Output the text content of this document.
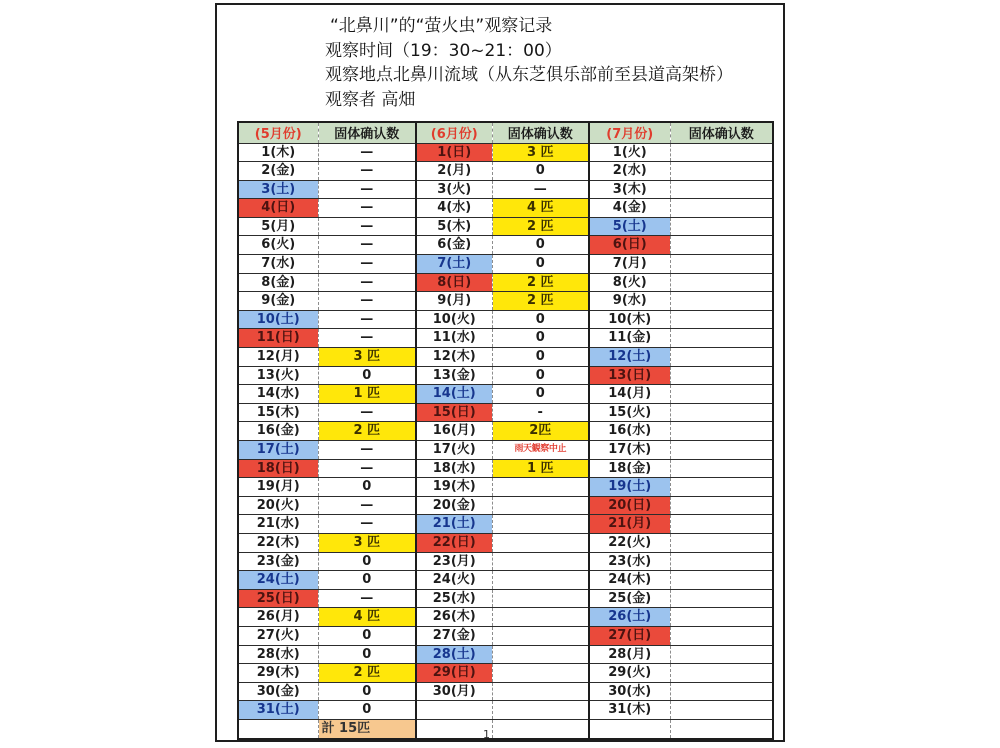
“北鼻川”的“萤火虫”观察记录
观察时间（19：30~21：00）
观察地点北鼻川流域（从东芝俱乐部前至县道高架桥）
观察者 高畑
(5月份)	固体确认数	(6月份)	固体确认数	(7月份)	固体确认数
1(木)	—	1(日)	3 匹	1(火)	
2(金)	—	2(月)	0	2(水)	
3(土)	—	3(火)	—	3(木)	
4(日)	—	4(水)	4 匹	4(金)	
5(月)	—	5(木)	2 匹	5(土)	
6(火)	—	6(金)	0	6(日)	
7(水)	—	7(土)	0	7(月)	
8(金)	—	8(日)	2 匹	8(火)	
9(金)	—	9(月)	2 匹	9(水)	
10(土)	—	10(火)	0	10(木)	
11(日)	—	11(水)	0	11(金)	
12(月)	3 匹	12(木)	0	12(土)	
13(火)	0	13(金)	0	13(日)	
14(水)	1 匹	14(土)	0	14(月)	
15(木)	—	15(日)	-	15(火)	
16(金)	2 匹	16(月)	2匹	16(水)	
17(土)	—	17(火)	雨天観察中止	17(木)	
18(日)	—	18(水)	1 匹	18(金)	
19(月)	0	19(木)		19(土)	
20(火)	—	20(金)		20(日)	
21(水)	—	21(土)		21(月)	
22(木)	3 匹	22(日)		22(火)	
23(金)	0	23(月)		23(水)	
24(土)	0	24(火)		24(木)	
25(日)	—	25(水)		25(金)	
26(月)	4 匹	26(木)		26(土)	
27(火)	0	27(金)		27(日)	
28(水)	0	28(土)		28(月)	
29(木)	2 匹	29(日)		29(火)	
30(金)	0	30(月)		30(水)	
31(土)	0			31(木)	
	計 15匹					1
